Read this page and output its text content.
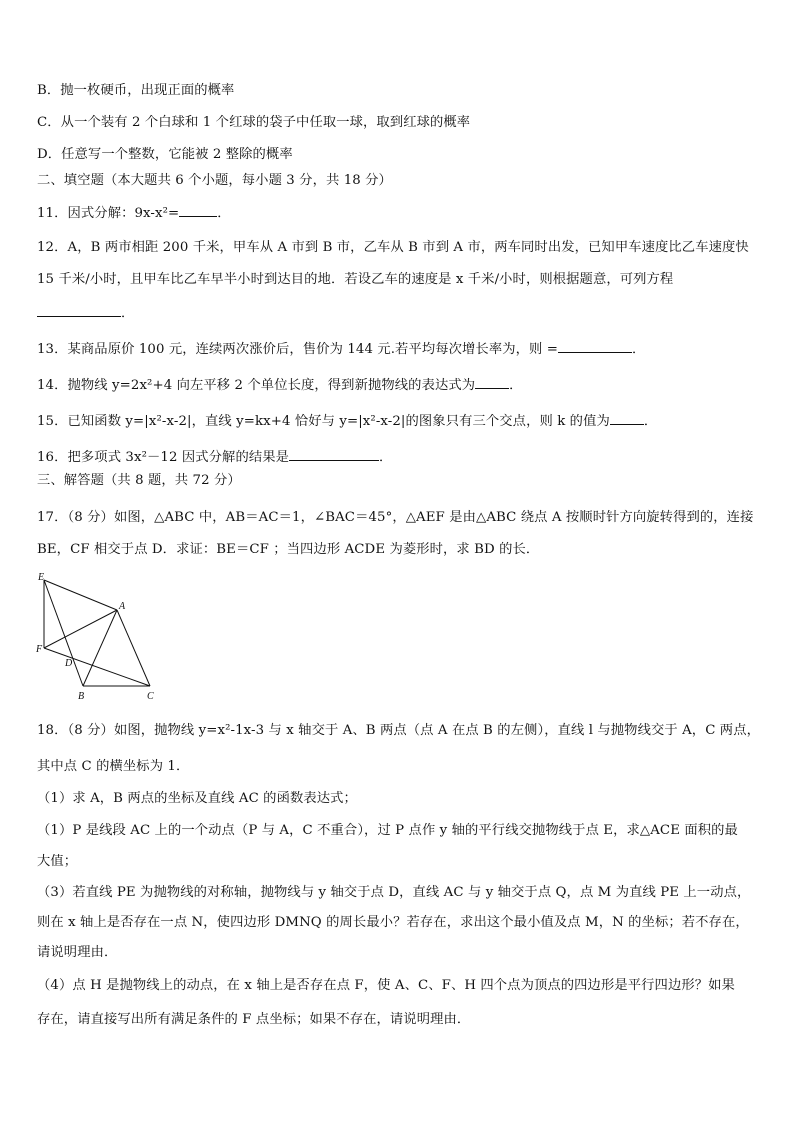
B．抛一枚硬币，出现正面的概率
C．从一个装有 2 个白球和 1 个红球的袋子中任取一球，取到红球的概率
D．任意写一个整数，它能被 2 整除的概率
二、填空题（本大题共 6 个小题，每小题 3 分，共 18 分）
11．因式分解：9x-x²=	．
12．A，B 两市相距 200 千米，甲车从 A 市到 B 市，乙车从 B 市到 A 市，两车同时出发，已知甲车速度比乙车速度快
15 千米/小时，且甲车比乙车早半小时到达目的地．若设乙车的速度是 x 千米/小时，则根据题意，可列方程
．
13．某商品原价 100 元，连续两次涨价后，售价为 144 元.若平均每次增长率为，则 =	．
14．抛物线 y=2x²+4 向左平移 2 个单位长度，得到新抛物线的表达式为	．
15．已知函数 y=|x²-x-2|，直线 y=kx+4 恰好与 y=|x²-x-2|的图象只有三个交点，则 k 的值为	．
16．把多项式 3x²－12 因式分解的结果是	．
三、解答题（共 8 题，共 72 分）
17．（8 分）如图，△ABC 中，AB＝AC＝1，∠BAC＝45°，△AEF 是由△ABC 绕点 A 按顺时针方向旋转得到的，连接
BE，CF 相交于点 D．求证：BE＝CF ；当四边形 ACDE 为菱形时，求 BD 的长．
E
A
F
D
B	C
18．（8 分）如图，抛物线 y=x²-1x-3 与 x 轴交于 A、B 两点（点 A 在点 B 的左侧），直线 l 与抛物线交于 A，C 两点，
其中点 C 的横坐标为 1．
（1）求 A，B 两点的坐标及直线 AC 的函数表达式；
（1）P 是线段 AC 上的一个动点（P 与 A，C 不重合），过 P 点作 y 轴的平行线交抛物线于点 E，求△ACE 面积的最
大值；
（3）若直线 PE 为抛物线的对称轴，抛物线与 y 轴交于点 D，直线 AC 与 y 轴交于点 Q，点 M 为直线 PE 上一动点，
则在 x 轴上是否存在一点 N，使四边形 DMNQ 的周长最小？若存在，求出这个最小值及点 M，N 的坐标；若不存在，
请说明理由．
（4）点 H 是抛物线上的动点，在 x 轴上是否存在点 F，使 A、C、F、H 四个点为顶点的四边形是平行四边形？如果
存在，请直接写出所有满足条件的 F 点坐标；如果不存在，请说明理由．
